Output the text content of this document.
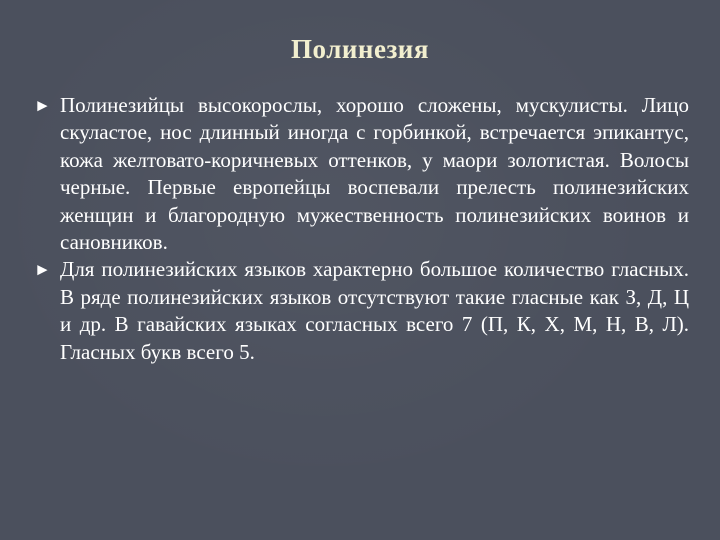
Полинезия
► Полинезийцы высокорослы, хорошо сложены, мускулисты. Лицо скуластое, нос длинный иногда с горбинкой, встречается эпикантус, кожа желтовато-коричневых оттенков, у маори золотистая. Волосы черные. Первые европейцы воспевали прелесть полинезийских женщин и благородную мужественность полинезийских воинов и сановников.
► Для полинезийских языков характерно большое количество гласных. В ряде полинезийских языков отсутствуют такие гласные как З, Д, Ц и др. В гавайских языках согласных всего 7 (П, К, Х, М, Н, В, Л). Гласных букв всего 5.
